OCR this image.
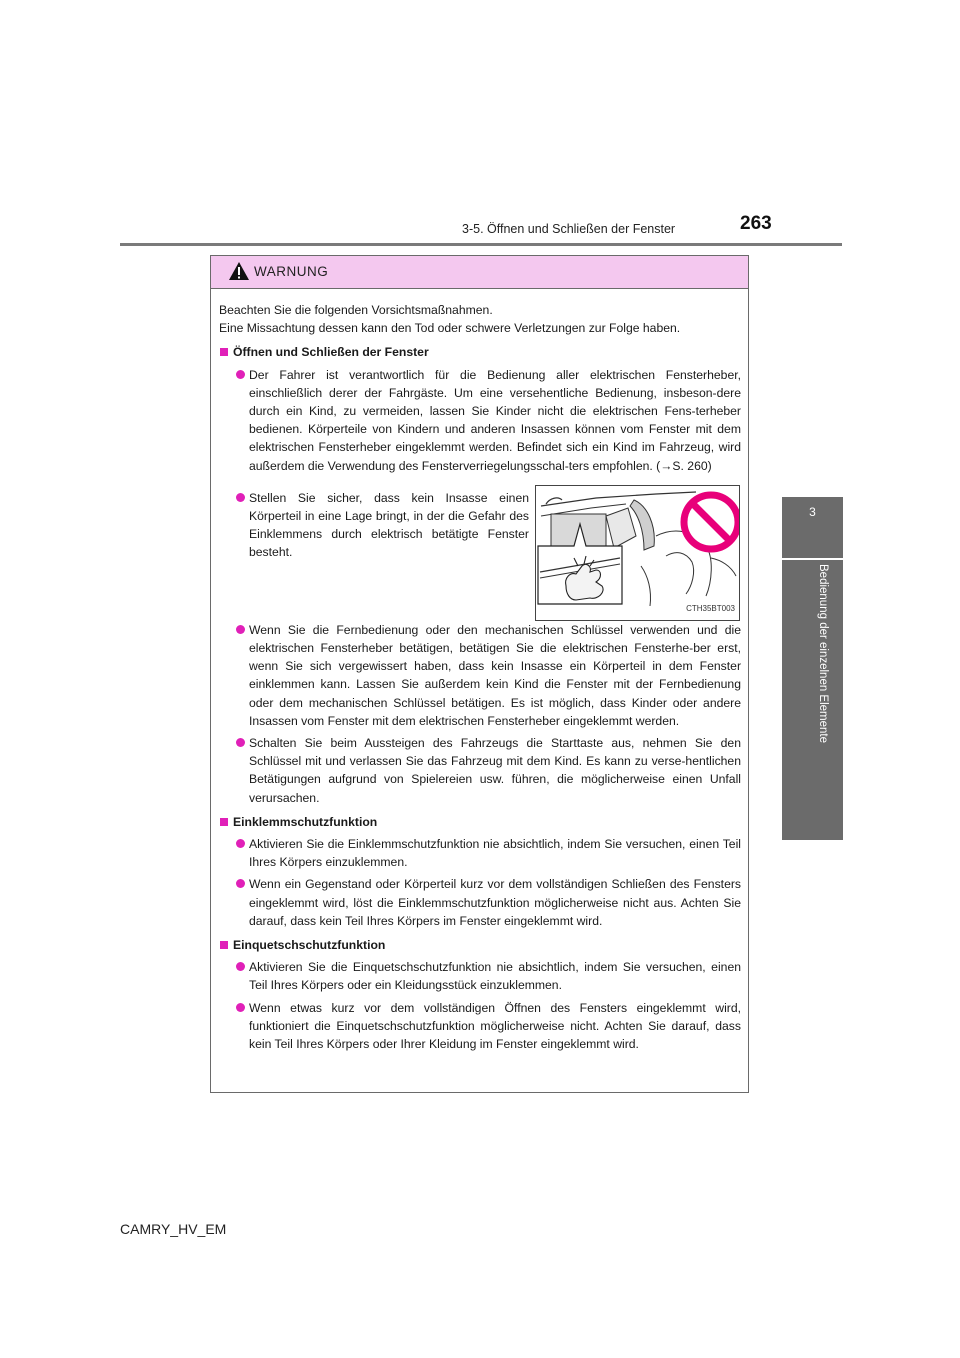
3-5. Öffnen und Schließen der Fenster	263
3
Bedienung der einzelnen Elemente
WARNUNG

Beachten Sie die folgenden Vorsichtsmaßnahmen.

Eine Missachtung dessen kann den Tod oder schwere Verletzungen zur Folge haben.

Öffnen und Schließen der Fenster
Der Fahrer ist verantwortlich für die Bedienung aller elektrischen Fensterheber, einschließlich derer der Fahrgäste. Um eine versehentliche Bedienung, insbeson-dere durch ein Kind, zu vermeiden, lassen Sie Kinder nicht die elektrischen Fens-terheber bedienen. Körperteile von Kindern und anderen Insassen können vom Fenster mit dem elektrischen Fensterheber eingeklemmt werden. Befindet sich ein Kind im Fahrzeug, wird außerdem die Verwendung des Fensterverriegelungsschal-ters empfohlen. (→S. 260)
Stellen Sie sicher, dass kein Insasse einen Körperteil in eine Lage bringt, in der die Gefahr des Einklemmens durch elektrisch betätigte Fenster besteht.
CTH35BT003
Wenn Sie die Fernbedienung oder den mechanischen Schlüssel verwenden und die elektrischen Fensterheber betätigen, betätigen Sie die elektrischen Fensterhe-ber erst, wenn Sie sich vergewissert haben, dass kein Insasse ein Körperteil in dem Fenster einklemmen kann. Lassen Sie außerdem kein Kind die Fenster mit der Fernbedienung oder dem mechanischen Schlüssel betätigen. Es ist möglich, dass Kinder oder andere Insassen vom Fenster mit dem elektrischen Fensterheber eingeklemmt werden.
Schalten Sie beim Aussteigen des Fahrzeugs die Starttaste aus, nehmen Sie den Schlüssel mit und verlassen Sie das Fahrzeug mit dem Kind. Es kann zu verse-hentlichen Betätigungen aufgrund von Spielereien usw. führen, die möglicherweise einen Unfall verursachen.
Einklemmschutzfunktion
Aktivieren Sie die Einklemmschutzfunktion nie absichtlich, indem Sie versuchen, einen Teil Ihres Körpers einzuklemmen.
Wenn ein Gegenstand oder Körperteil kurz vor dem vollständigen Schließen des Fensters eingeklemmt wird, löst die Einklemmschutzfunktion möglicherweise nicht aus. Achten Sie darauf, dass kein Teil Ihres Körpers im Fenster eingeklemmt wird.
Einquetschschutzfunktion
Aktivieren Sie die Einquetschschutzfunktion nie absichtlich, indem Sie versuchen, einen Teil Ihres Körpers oder ein Kleidungsstück einzuklemmen.
Wenn etwas kurz vor dem vollständigen Öffnen des Fensters eingeklemmt wird, funktioniert die Einquetschschutzfunktion möglicherweise nicht. Achten Sie darauf, dass kein Teil Ihres Körpers oder Ihrer Kleidung im Fenster eingeklemmt wird.
CAMRY_HV_EM
